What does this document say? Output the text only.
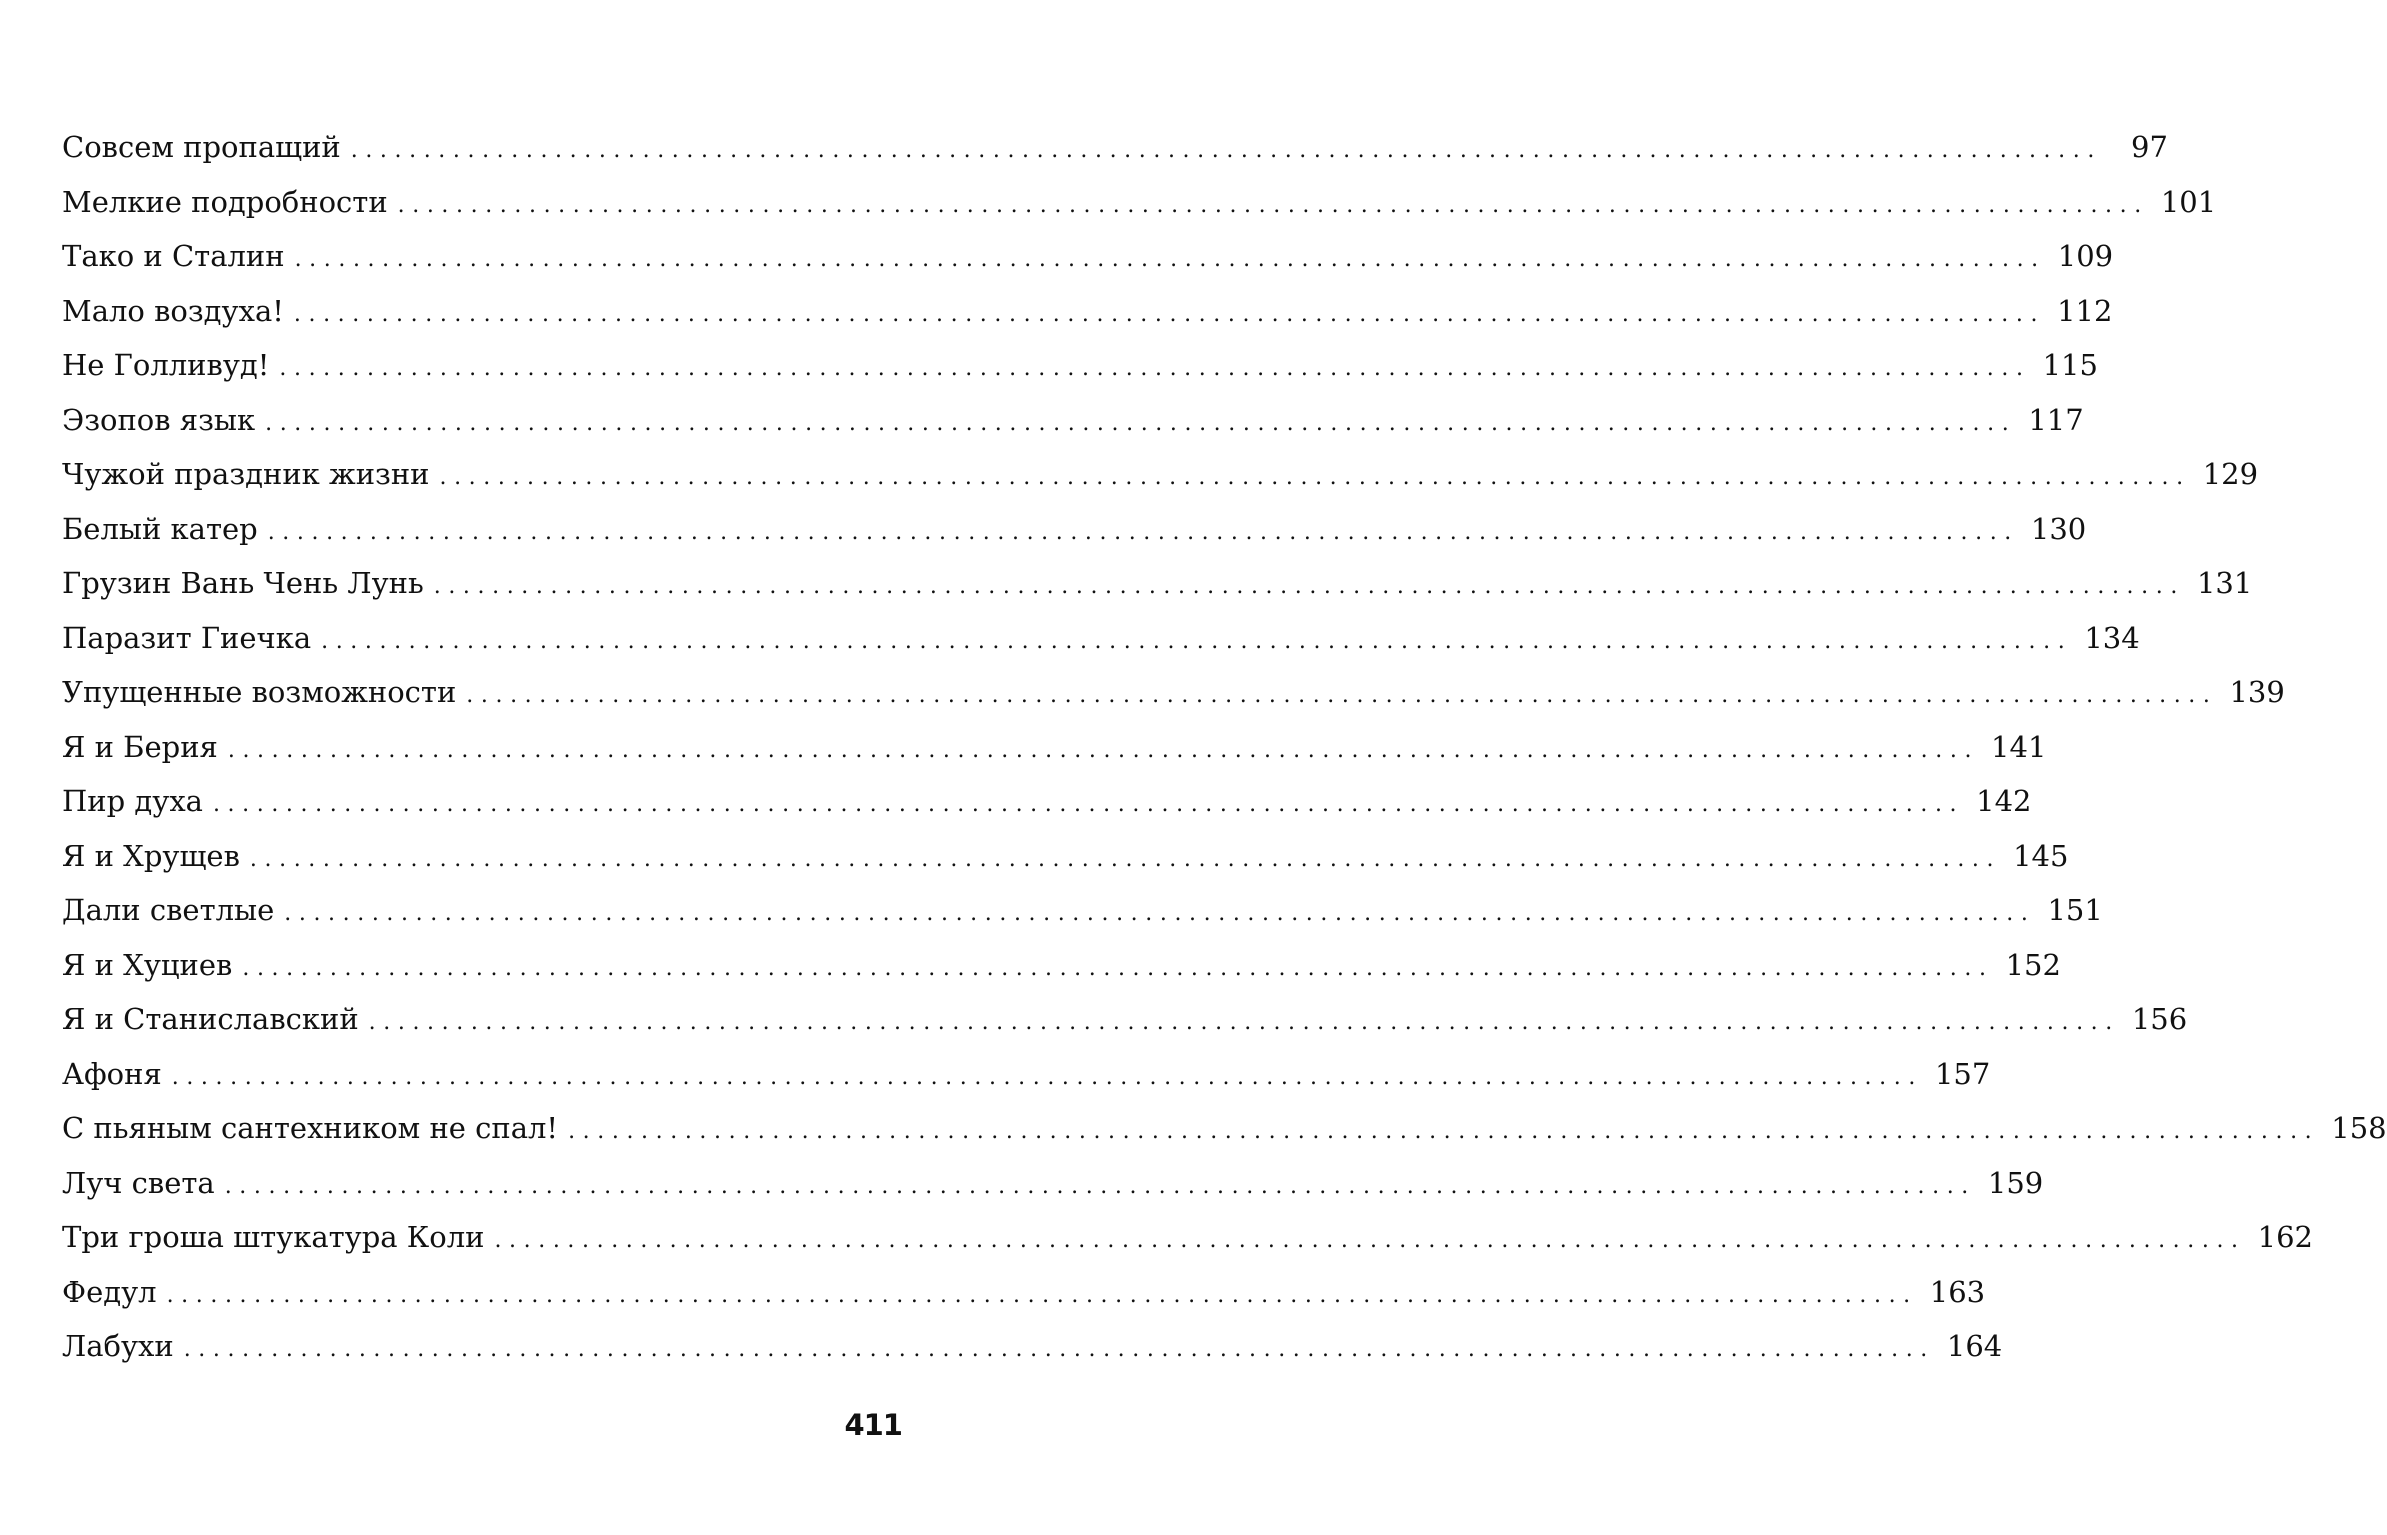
Совсем пропащий ........................................................................................................................	97
Мелкие подробности ........................................................................................................................ 101
Тако и Сталин ........................................................................................................................ 109
Мало воздуха! ........................................................................................................................ 112
Не Голливуд! ........................................................................................................................ 115
Эзопов язык ........................................................................................................................ 117
Чужой праздник жизни ........................................................................................................................ 129
Белый катер ........................................................................................................................ 130
Грузин Вань Чень Лунь ........................................................................................................................ 131
Паразит Гиечка ........................................................................................................................ 134
Упущенные возможности ........................................................................................................................ 139
Я и Берия ........................................................................................................................ 141
Пир духа ........................................................................................................................ 142
Я и Хрущев ........................................................................................................................ 145
Дали светлые ........................................................................................................................ 151
Я и Хуциев ........................................................................................................................ 152
Я и Станиславский ........................................................................................................................ 156
Афоня ........................................................................................................................ 157
С пьяным сантехником не спал! ........................................................................................................................ 158
Луч света ........................................................................................................................ 159
Три гроша штукатура Коли ........................................................................................................................ 162
Федул ........................................................................................................................ 163
Лабухи ........................................................................................................................ 164
411
